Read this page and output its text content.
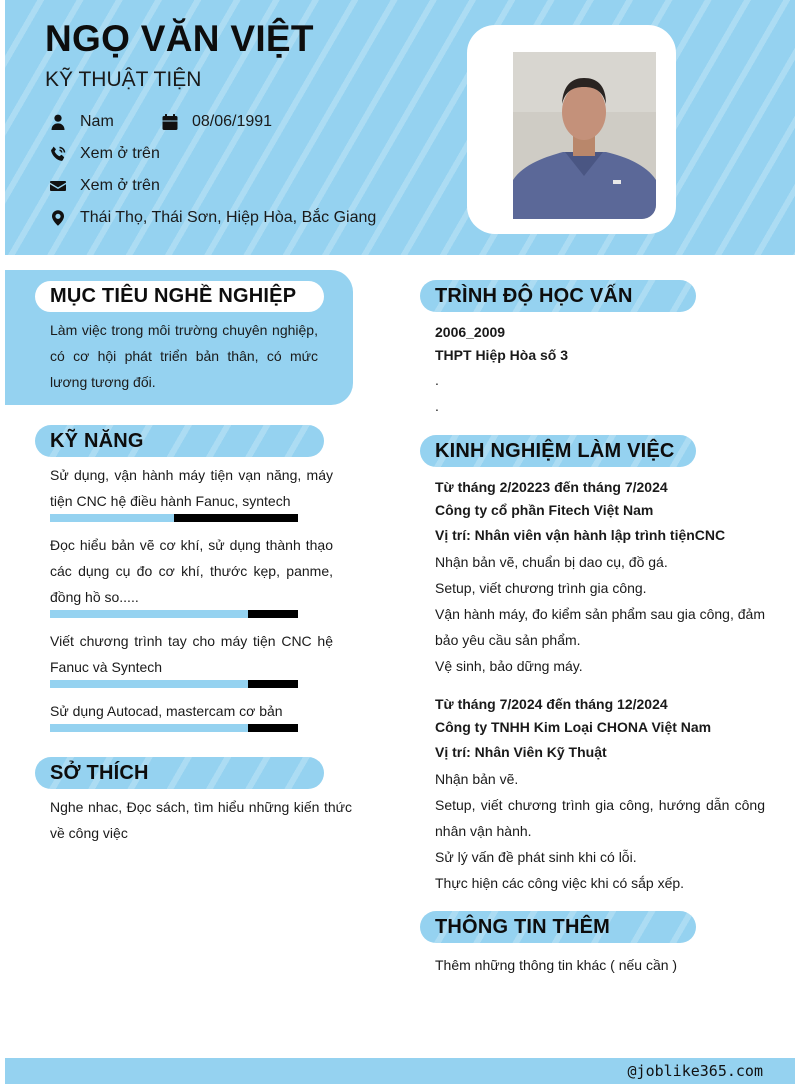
NGỌ VĂN VIỆT
KỸ THUẬT TIỆN
Nam	08/06/1991
Xem ở trên
Xem ở trên
Thái Thọ, Thái Sơn, Hiệp Hòa, Bắc Giang
MỤC TIÊU NGHỀ NGHIỆP
Làm việc trong môi trường chuyên nghiệp, có cơ hội phát triển bản thân, có mức lương tương đối.
KỸ NĂNG
Sử dụng, vận hành máy tiện vạn năng, máy tiện CNC hệ điều hành Fanuc, syntech
Đọc hiểu bản vẽ cơ khí, sử dụng thành thạo các dụng cụ đo cơ khí, thước kẹp, panme, đồng hồ so.....
Viết chương trình tay cho máy tiện CNC hệ Fanuc và Syntech
Sử dụng Autocad, mastercam cơ bản
SỞ THÍCH
Nghe nhac, Đọc sách, tìm hiểu những kiến thức về công việc
TRÌNH ĐỘ HỌC VẤN
2006_2009
THPT Hiệp Hòa số 3
.
.
KINH NGHIỆM LÀM VIỆC
Từ tháng 2/20223 đến tháng 7/2024
Công ty cổ phần Fitech Việt Nam
Vị trí: Nhân viên vận hành lập trình tiệnCNC
Nhận bản vẽ, chuẩn bị dao cụ, đồ gá.
Setup, viết chương trình gia công.
Vận hành máy, đo kiểm sản phẩm sau gia công, đảm bảo yêu cầu sản phẩm.
Vệ sinh, bảo dững máy.
Từ tháng 7/2024 đến tháng 12/2024
Công ty TNHH Kim Loại CHONA Việt Nam
Vị trí: Nhân Viên Kỹ Thuật
Nhận bản vẽ.
Setup, viết chương trình gia công, hướng dẫn công nhân vận hành.
Sử lý vấn đề phát sinh khi có lỗi.
Thực hiện các công việc khi có sắp xếp.
THÔNG TIN THÊM
Thêm những thông tin khác ( nếu cần )
@joblike365.com
